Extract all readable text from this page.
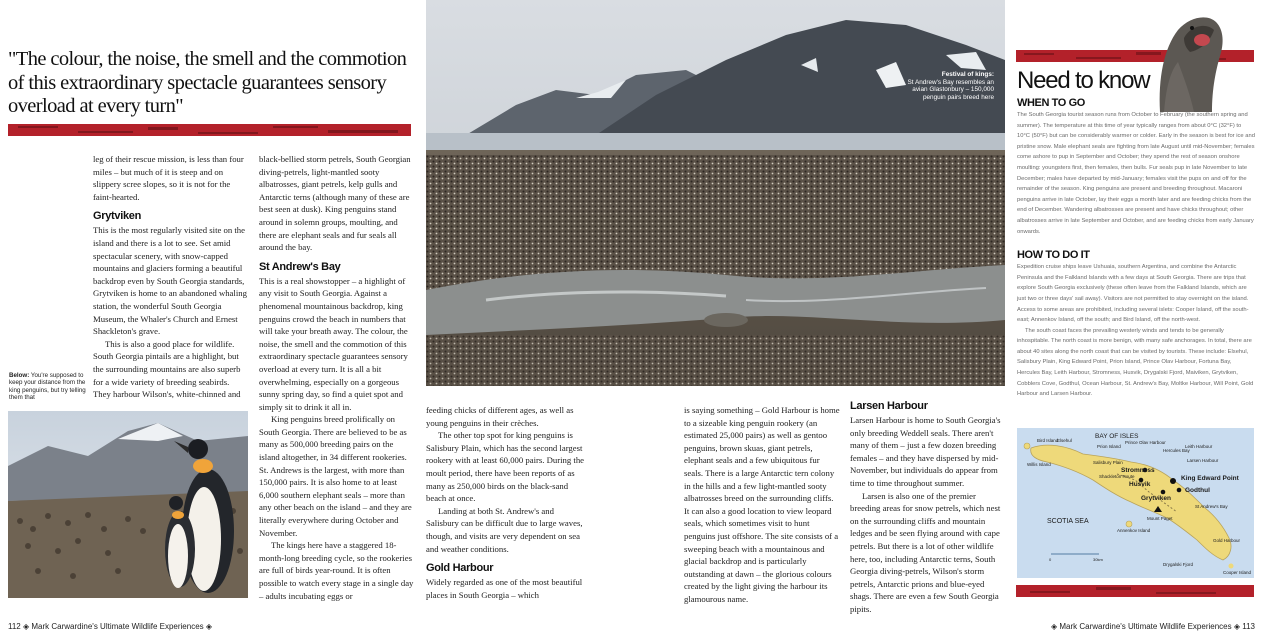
"The colour, the noise, the smell and the commotion of this extraordinary spectacle guarantees sensory overload at every turn"

leg of their rescue mission, is less than four miles – but much of it is steep and on slippery scree slopes, so it is not for the faint-hearted.

Grytviken

This is the most regularly visited site on the island and there is a lot to see. Set amid spectacular scenery, with snow-capped mountains and glaciers forming a beautiful backdrop even by South Georgia standards, Grytviken is home to an abandoned whaling station, the wonderful South Georgia Museum, the Whaler's Church and Ernest Shackleton's grave.

This is also a good place for wildlife. South Georgia pintails are a highlight, but the surrounding mountains are also superb for a wide variety of breeding seabirds. They harbour Wilson's, white-chinned and

Below: You're supposed to keep your distance from the king penguins, but try telling them that

black-bellied storm petrels, South Georgian diving-petrels, light-mantled sooty albatrosses, giant petrels, kelp gulls and Antarctic terns (although many of these are best seen at dusk). King penguins stand around in solemn groups, moulting, and there are elephant seals and fur seals all around the bay.

St Andrew's Bay

This is a real showstopper – a highlight of any visit to South Georgia. Against a phenomenal mountainous backdrop, king penguins crowd the beach in numbers that will take your breath away. The colour, the noise, the smell and the commotion of this extraordinary spectacle guarantees sensory overload at every turn. It is all a bit overwhelming, especially on a gorgeous sunny spring day, so find a quiet spot and simply sit to drink it all in.

King penguins breed prolifically on South Georgia. There are believed to be as many as 500,000 breeding pairs on the island altogether, in 34 different rookeries. St. Andrews is the largest, with more than 150,000 pairs. It is also home to at least 6,000 southern elephant seals – more than any other beach on the island – and they are literally everywhere during October and November.

The kings here have a staggered 18-month-long breeding cycle, so the rookeries are full of birds year-round. It is often possible to watch every stage in a single day – adults incubating eggs or

Festival of kings:
St Andrew's Bay resembles an avian Glastonbury – 150,000 penguin pairs breed here

feeding chicks of different ages, as well as young penguins in their crèches.

The other top spot for king penguins is Salisbury Plain, which has the second largest rookery with at least 60,000 pairs. During the moult period, there have been reports of as many as 250,000 birds on the black-sand beach at once.

Landing at both St. Andrew's and Salisbury can be difficult due to large waves, though, and visits are very dependent on sea and weather conditions.

Gold Harbour

Widely regarded as one of the most beautiful places in South Georgia – which

is saying something – Gold Harbour is home to a sizeable king penguin rookery (an estimated 25,000 pairs) as well as gentoo penguins, brown skuas, giant petrels, elephant seals and a few ubiquitous fur seals. There is a large Antarctic tern colony in the hills and a few light-mantled sooty albatrosses breed on the surrounding cliffs. It can also a good location to view leopard seals, which sometimes visit to hunt penguins just offshore. The site consists of a sweeping beach with a mountainous and glacial backdrop and is particularly outstanding at dawn – the glorious colours created by the light giving the harbour its glamourous name.

Larsen Harbour

Larsen Harbour is home to South Georgia's only breeding Weddell seals. There aren't many of them – just a few dozen breeding females – and they have dispersed by mid-November, but individuals do appear from time to time throughout summer.

Larsen is also one of the premier breeding areas for snow petrels, which nest on the surrounding cliffs and mountain ledges and be seen flying around with cape petrels. But there is a lot of other wildlife here, too, including Antarctic terns, South Georgia diving-petrels, Wilson's storm petrels, Antarctic prions and blue-eyed shags. There are even a few South Georgia pipits.

Need to know
WHEN TO GO

The South Georgia tourist season runs from October to February (the southern spring and summer). The temperature at this time of year typically ranges from about 0°C (32°F) to 10°C (50°F) but can be considerably warmer or colder. Early in the season is best for ice and pristine snow. Male elephant seals are fighting from late August until mid-November; females come ashore to pup in September and October; they spend the rest of season onshore moulting: youngsters first, then females, then bulls. Fur seals pup in late November to late December; males have departed by mid-January; females visit the pups on and off for the remainder of the season. King penguins are present and breeding throughout. Macaroni penguins arrive in late October, lay their eggs a month later and are feeding chicks from the end of December. Wandering albatrosses are present and have chicks throughout; other albatrosses arrive in late September and October, and are feeding chicks from early January onwards.

HOW TO DO IT

Expedition cruise ships leave Ushuaia, southern Argentina, and combine the Antarctic Peninsula and the Falkland Islands with a few days at South Georgia. There are trips that explore South Georgia exclusively (these often leave from the Falkland Islands, which are just two or three days' sail away). Visitors are not permitted to stay overnight on the island. Access to some areas are prohibited, including several islets: Cooper Island, off the south-east; Annenkov Island, off the south; and Bird Island, off the north-west.

The south coast faces the prevailing westerly winds and tends to be generally inhospitable. The north coast is more benign, with many safe anchorages. In total, there are about 40 sites along the north coast that can be visited by tourists. These include: Elsehul, Salisbury Plain, King Edward Point, Prion Island, Prince Olav Harbour, Fortuna Bay, Hercules Bay, Leith Harbour, Stromness, Husvik, Drygalski Fjord, Maiviken, Grytviken, Cobblers Cove, Godthul, Ocean Harbour, St. Andrew's Bay, Moltke Harbour, Will Point, Gold Harbour and Larsen Harbour.

BAY OF ISLES
SCOTIA SEA
Bird Island
Elsehul
Willis Island
Prion Island
Prince Olav Harbour
Salisbury Plain
Hercules Bay
Leith Harbour
Stromness
Larsen Harbour
Shackleton Route
Husvik
King Edward Point
Grytviken
Godthul
Mount Paget
St Andrew's Bay
Annenkov Island
Gold Harbour
Drygalski Fjord
Cooper Island
0	30km
112 ◈ Mark Carwardine's Ultimate Wildlife Experiences ◈	◈ Mark Carwardine's Ultimate Wildlife Experiences ◈ 113
